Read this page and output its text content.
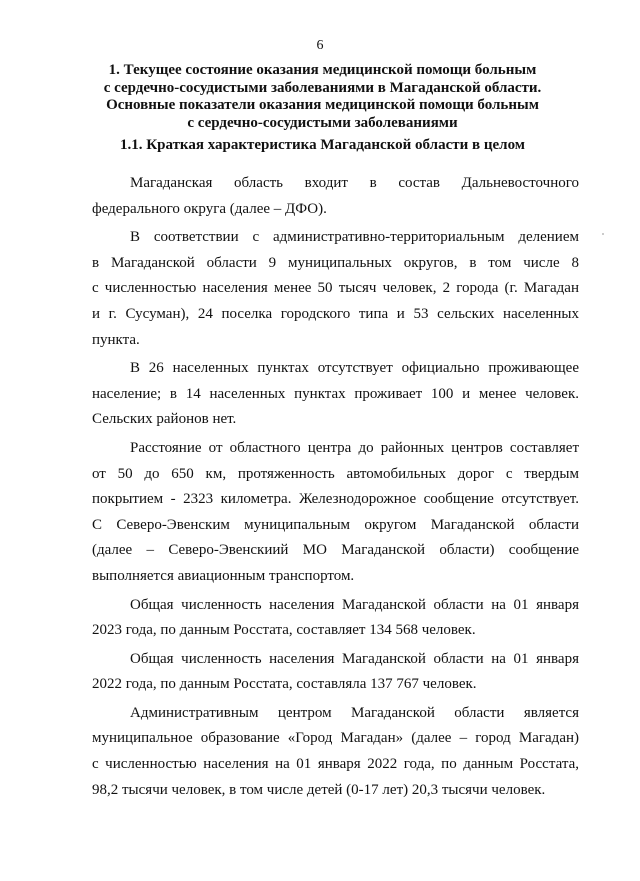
6
1. Текущее состояние оказания медицинской помощи больным
с сердечно-сосудистыми заболеваниями в Магаданской области.
Основные показатели оказания медицинской помощи больным
с сердечно-сосудистыми заболеваниями
1.1. Краткая характеристика Магаданской области в целом

Магаданская область входит в состав Дальневосточного
федерального округа (далее – ДФО).

В соответствии с административно-территориальным делением
в Магаданской области 9 муниципальных округов, в том числе 8
с численностью населения менее 50 тысяч человек, 2 города (г. Магадан
и г. Сусуман), 24 поселка городского типа и 53 сельских населенных
пункта.

В 26 населенных пунктах отсутствует официально проживающее
население; в 14 населенных пунктах проживает 100 и менее человек.
Сельских районов нет.

Расстояние от областного центра до районных центров составляет
от 50 до 650 км, протяженность автомобильных дорог с твердым
покрытием - 2323 километра. Железнодорожное сообщение отсутствует.
С Северо-Эвенским муниципальным округом Магаданской области
(далее – Северо-Эвенскиий МО Магаданской области) сообщение
выполняется авиационным транспортом.

Общая численность населения Магаданской области на 01 января
2023 года, по данным Росстата, составляет 134 568 человек.

Общая численность населения Магаданской области на 01 января
2022 года, по данным Росстата, составляла 137 767 человек.

Административным центром Магаданской области является
муниципальное образование «Город Магадан» (далее – город Магадан)
с численностью населения на 01 января 2022 года, по данным Росстата,
98,2 тысячи человек, в том числе детей (0-17 лет) 20,3 тысячи человек.
